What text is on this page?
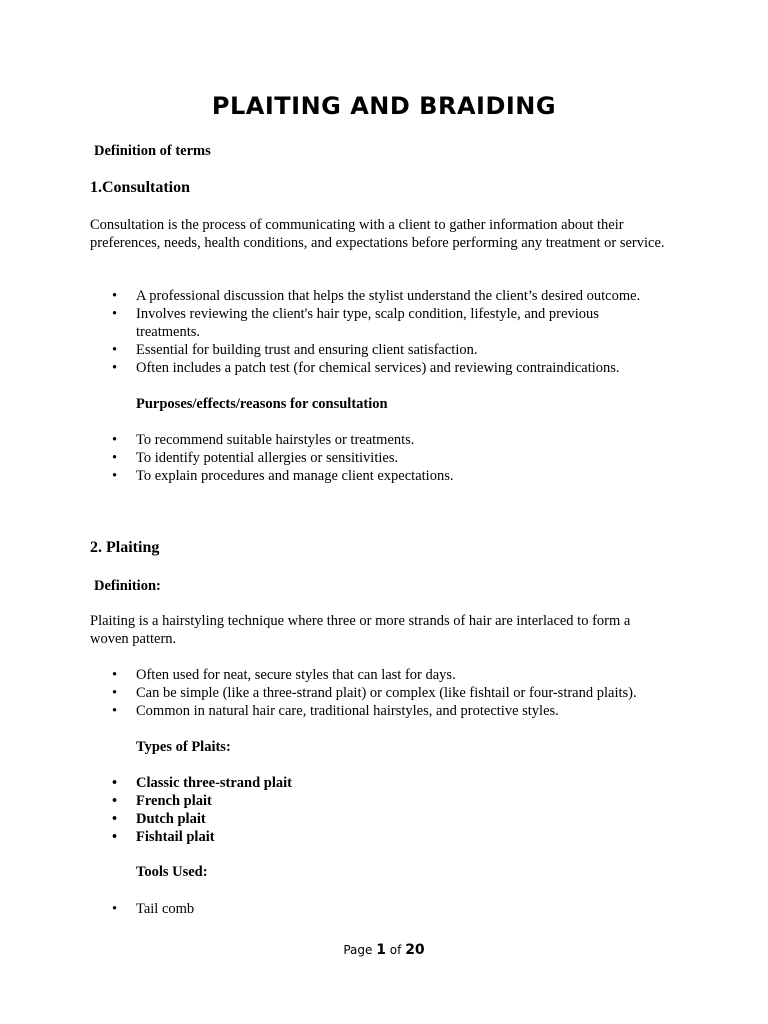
PLAITING AND BRAIDING
Definition of terms
1.Consultation
Consultation is the process of communicating with a client to gather information about their preferences, needs, health conditions, and expectations before performing any treatment or service.
• A professional discussion that helps the stylist understand the client’s desired outcome.
• Involves reviewing the client's hair type, scalp condition, lifestyle, and previous treatments.
• Essential for building trust and ensuring client satisfaction.
• Often includes a patch test (for chemical services) and reviewing contraindications.
Purposes/effects/reasons for consultation
• To recommend suitable hairstyles or treatments.
• To identify potential allergies or sensitivities.
• To explain procedures and manage client expectations.
2. Plaiting
Definition:
Plaiting is a hairstyling technique where three or more strands of hair are interlaced to form a woven pattern.
• Often used for neat, secure styles that can last for days.
• Can be simple (like a three-strand plait) or complex (like fishtail or four-strand plaits).
• Common in natural hair care, traditional hairstyles, and protective styles.
Types of Plaits:
• Classic three-strand plait
• French plait
• Dutch plait
• Fishtail plait
Tools Used:
• Tail comb
Page 1 of 20
